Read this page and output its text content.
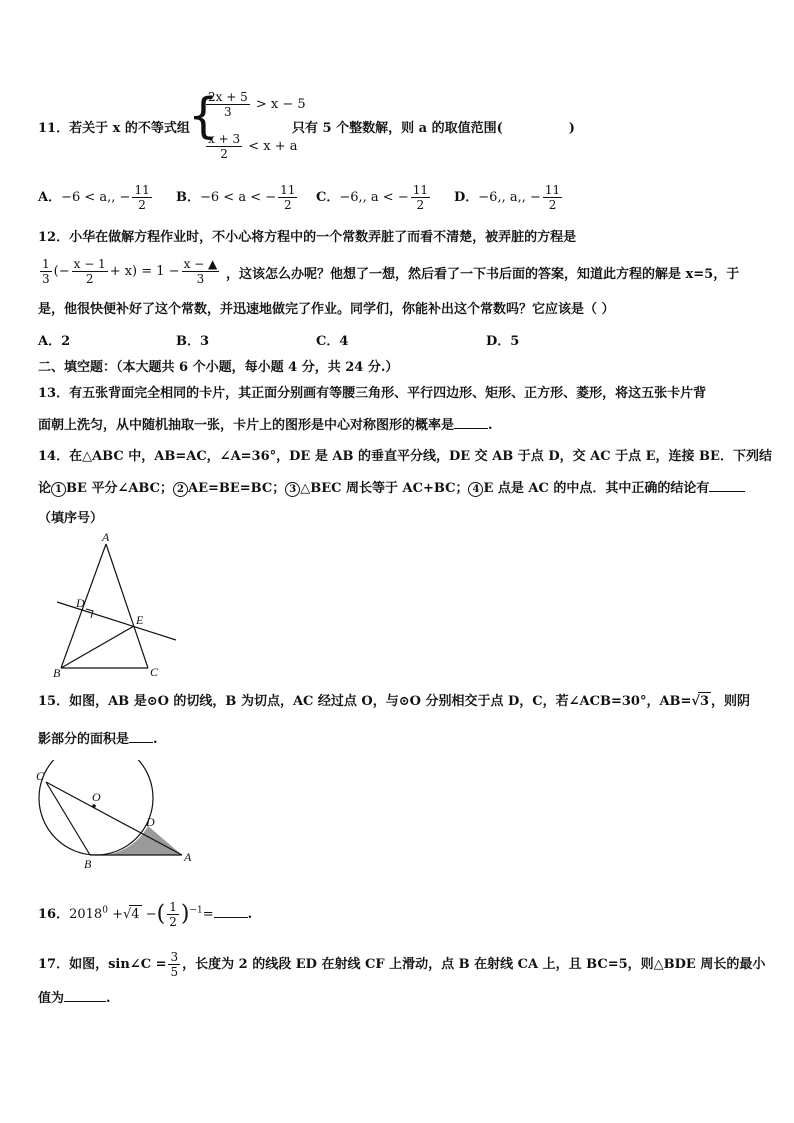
11．若关于 x 的不等式组
{
$\frac{2x + 5}{3} > x - 5$
$\frac{x + 3}{2} < x + a$
只有 5 个整数解，则 a 的取值范围(	)
A．−6 < a,, − $\frac{11}{2}$ B．−6 < a < − $\frac{11}{2}$ C．−6,, a < − $\frac{11}{2}$ D．−6,, a,, − $\frac{11}{2}$
12．小华在做解方程作业时，不小心将方程中的一个常数弄脏了而看不清楚，被弄脏的方程是
$\frac{1}{3}$ (− $\frac{x - 1}{2} + x) = 1 - \frac{x - ▲}{3}$ ，这该怎么办呢？他想了一想，然后看了一下书后面的答案，知道此方程的解是 x=5，于
是，他很快便补好了这个常数，并迅速地做完了作业。同学们，你能补出这个常数吗？它应该是（ ）
A．2	B．3	C．4	D．5
二、填空题：（本大题共 6 个小题，每小题 4 分，共 24 分.）
13．有五张背面完全相同的卡片，其正面分别画有等腰三角形、平行四边形、矩形、正方形、菱形，将这五张卡片背
面朝上洗匀，从中随机抽取一张，卡片上的图形是中心对称图形的概率是	.
14．在△ABC 中，AB=AC，∠A=36°，DE 是 AB 的垂直平分线，DE 交 AB 于点 D，交 AC 于点 E，连接 BE．下列结
论 1 BE 平分∠ABC； 2 AE=BE=BC； 3 △BEC 周长等于 AC+BC； 4 E 点是 AC 的中点．其中正确的结论有
（填序号）
A
B	C
D
E
15．如图，AB 是⊙O 的切线，B 为切点，AC 经过点 O，与⊙O 分别相交于点 D，C，若∠ACB=30°，AB=√3 ，则阴
影部分的面积是 .
C
O
D
B	A
16．$2018^0 +√4$ −( $\frac{1}{2} )^{-1}=$	.
17．如图，sin∠C = $\frac{3}{5}$ ，长度为 2 的线段 ED 在射线 CF 上滑动，点 B 在射线 CA 上，且 BC=5，则△BDE 周长的最小
值为	.
